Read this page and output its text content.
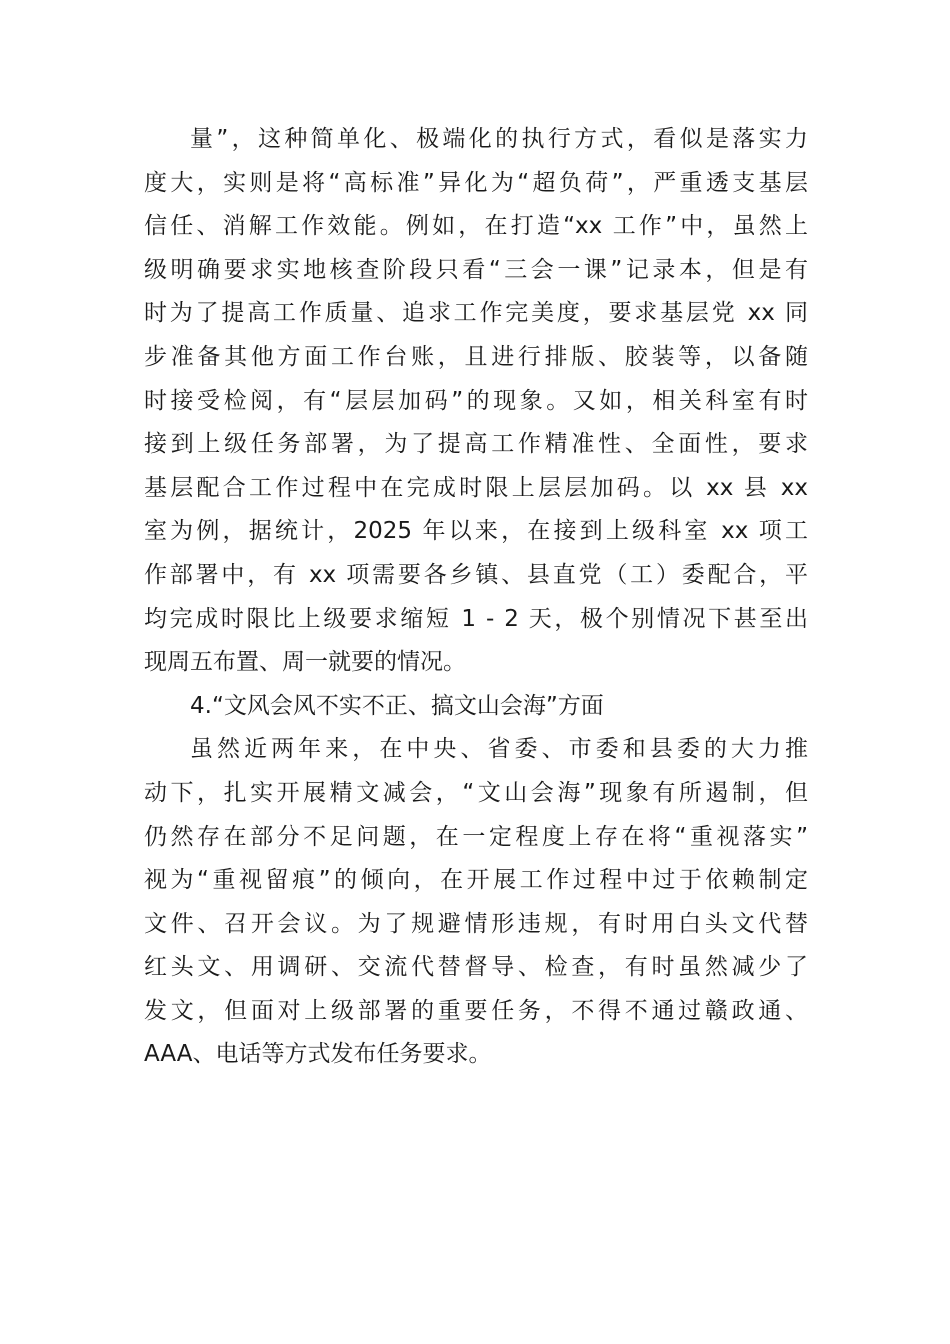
量”，这种简单化、极端化的执行方式，看似是落实力
度大，实则是将“高标准”异化为“超负荷”，严重透支基层
信任、消解工作效能。例如，在打造“xx 工作”中，虽然上
级明确要求实地核查阶段只看“三会一课”记录本，但是有
时为了提高工作质量、追求工作完美度，要求基层党 xx 同
步准备其他方面工作台账，且进行排版、胶装等，以备随
时接受检阅，有“层层加码”的现象。又如，相关科室有时
接到上级任务部署，为了提高工作精准性、全面性，要求
基层配合工作过程中在完成时限上层层加码。以 xx 县 xx
室为例，据统计，2025 年以来，在接到上级科室 xx 项工
作部署中，有 xx 项需要各乡镇、县直党（工）委配合，平
均完成时限比上级要求缩短 1 - 2 天，极个别情况下甚至出
现周五布置、周一就要的情况。

4.“文风会风不实不正、搞文山会海”方面

虽然近两年来，在中央、省委、市委和县委的大力推
动下，扎实开展精文减会，“文山会海”现象有所遏制，但
仍然存在部分不足问题，在一定程度上存在将“重视落实”
视为“重视留痕”的倾向，在开展工作过程中过于依赖制定
文件、召开会议。为了规避情形违规，有时用白头文代替
红头文、用调研、交流代替督导、检查，有时虽然减少了
发文，但面对上级部署的重要任务，不得不通过赣政通、
AAA、电话等方式发布任务要求。
